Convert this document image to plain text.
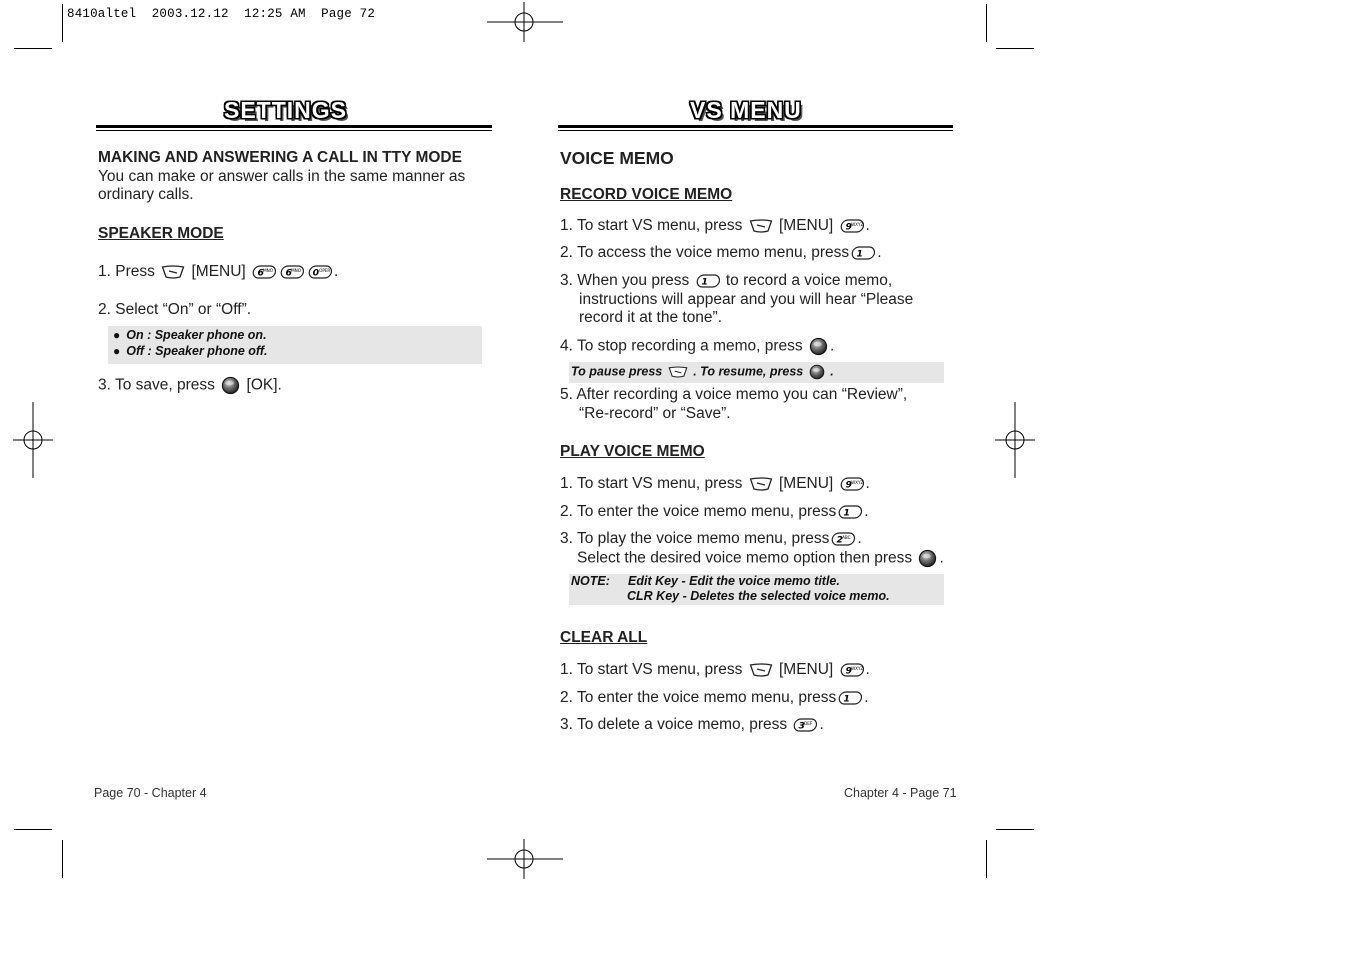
8410altel  2003.12.12  12:25 AM  Page 72
SETTINGS
MAKING AND ANSWERING A CALL IN TTY MODE
You can make or answer calls in the same manner as
ordinary calls.
SPEAKER MODE
1. Press [MENU] 6 MNO 6 MNO 0 OPER .
2. Select “On” or “Off”.
● On : Speaker phone on.
● Off : Speaker phone off.
3. To save, press [OK].
Page 70 - Chapter 4
VS MENU
VOICE MEMO
RECORD VOICE MEMO
1. To start VS menu, press [MENU] 9 WXYZ .
2. To access the voice memo menu, press 1 .
3. When you press 1 to record a voice memo,
instructions will appear and you will hear “Please
record it at the tone”.
4. To stop recording a memo, press .
To pause press . To resume, press .
5. After recording a voice memo you can “Review”,
“Re-record” or “Save”.
PLAY VOICE MEMO
1. To start VS menu, press [MENU] 9 WXYZ .
2. To enter the voice memo menu, press 1 .
3. To play the voice memo menu, press 2 ABC .
Select the desired voice memo option then press .
NOTE: Edit Key - Edit the voice memo title.
CLR Key - Deletes the selected voice memo.
CLEAR ALL
1. To start VS menu, press [MENU] 9 WXYZ .
2. To enter the voice memo menu, press 1 .
3. To delete a voice memo, press 3 DEF .
Chapter 4 - Page 71
